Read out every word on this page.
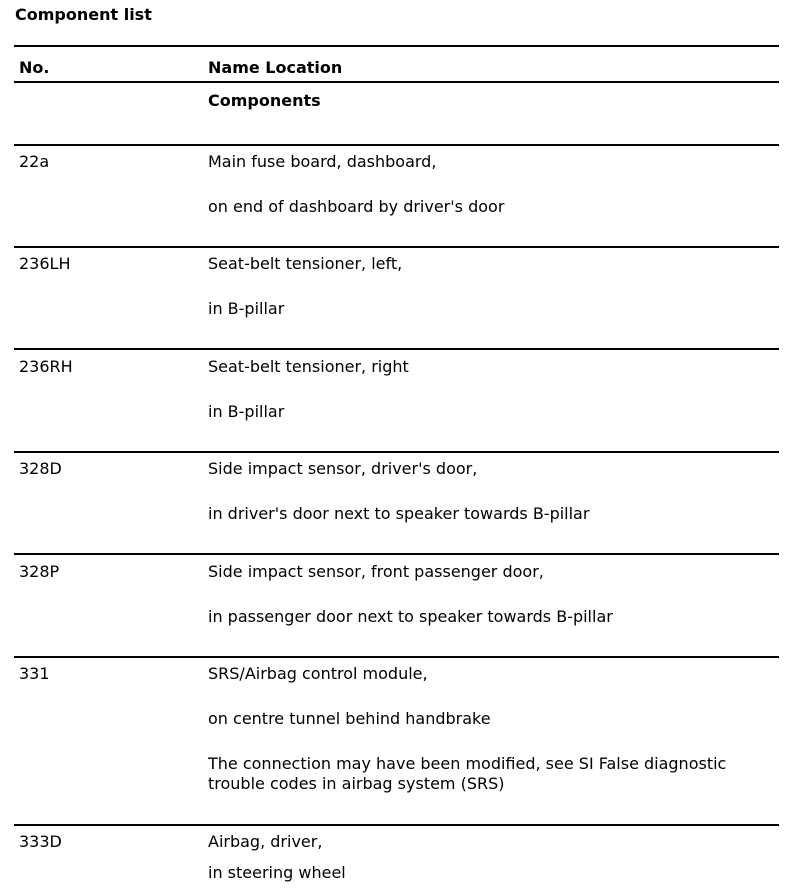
Component list
No.	Name Location
Components
22a	Main fuse board, dashboard,
on end of dashboard by driver's door
236LH	Seat-belt tensioner, left,
in B-pillar
236RH	Seat-belt tensioner, right
in B-pillar
328D	Side impact sensor, driver's door,
in driver's door next to speaker towards B-pillar
328P	Side impact sensor, front passenger door,
in passenger door next to speaker towards B-pillar
331	SRS/Airbag control module,
on centre tunnel behind handbrake
The connection may have been modified, see SI False diagnostic trouble codes in airbag system (SRS)
333D	Airbag, driver,
in steering wheel
